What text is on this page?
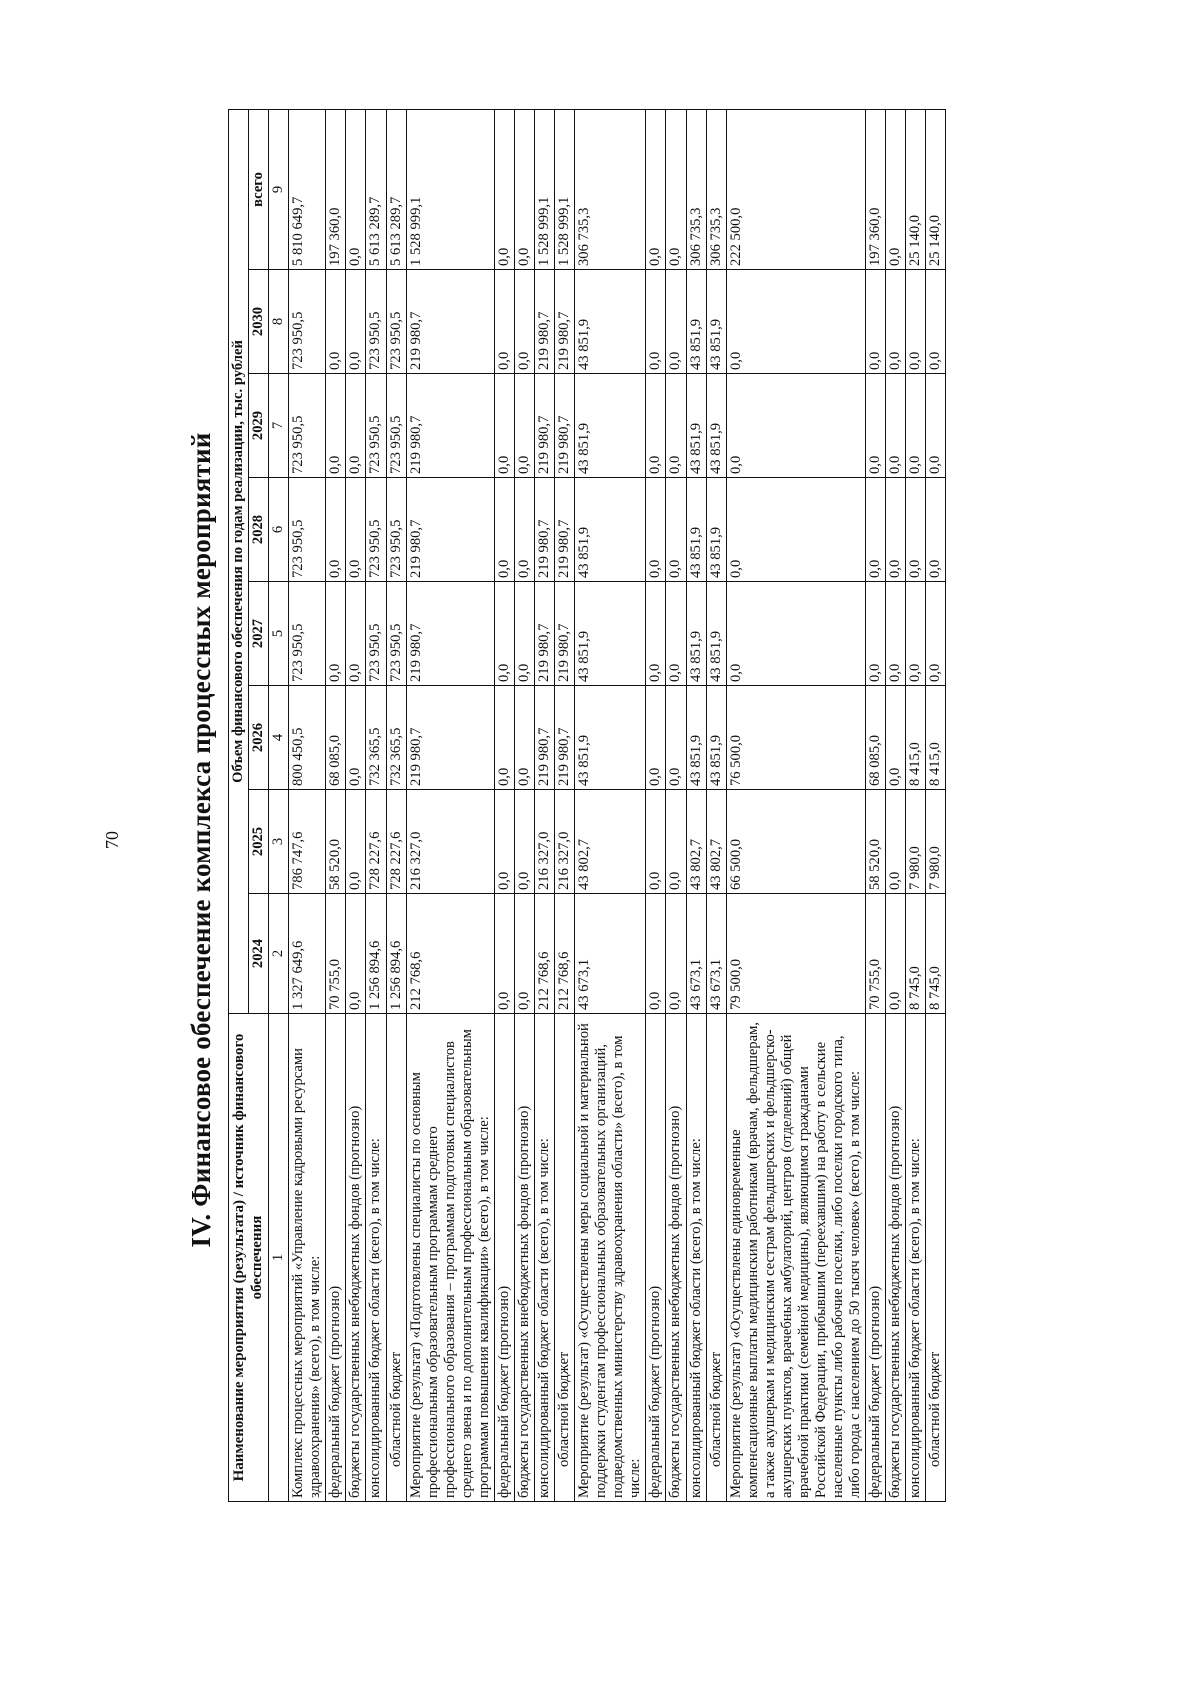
70 IV. Финансовое обеспечение комплекса процессных мероприятий
Наименование мероприятия (результата) / источник финансового обеспечения	Объем финансового обеспечения по годам реализации, тыс. рублей							
	2024	2025	2026	2027	2028	2029	2030	всего
1	2	3	4	5	6	7	8	9
Комплекс процессных мероприятий «Управление кадровыми ресурсами здравоохранения» (всего), в том числе:	1 327 649,6	786 747,6	800 450,5	723 950,5	723 950,5	723 950,5	723 950,5	5 810 649,7
федеральный бюджет (прогнозно)	70 755,0	58 520,0	68 085,0	0,0	0,0	0,0	0,0	197 360,0
бюджеты государственных внебюджетных фондов (прогнозно)	0,0	0,0	0,0	0,0	0,0	0,0	0,0	0,0
консолидированный бюджет области (всего), в том числе:	1 256 894,6	728 227,6	732 365,5	723 950,5	723 950,5	723 950,5	723 950,5	5 613 289,7
областной бюджет	1 256 894,6	728 227,6	732 365,5	723 950,5	723 950,5	723 950,5	723 950,5	5 613 289,7
Мероприятие (результат) «Подготовлены специалисты по основным профессиональным образовательным программам среднего профессионального образования – программам подготовки специалистов среднего звена и по дополнительным профессиональным образовательным программам повышения квалификации» (всего), в том числе:	212 768,6	216 327,0	219 980,7	219 980,7	219 980,7	219 980,7	219 980,7	1 528 999,1
федеральный бюджет (прогнозно)	0,0	0,0	0,0	0,0	0,0	0,0	0,0	0,0
бюджеты государственных внебюджетных фондов (прогнозно)	0,0	0,0	0,0	0,0	0,0	0,0	0,0	0,0
консолидированный бюджет области (всего), в том числе:	212 768,6	216 327,0	219 980,7	219 980,7	219 980,7	219 980,7	219 980,7	1 528 999,1
областной бюджет	212 768,6	216 327,0	219 980,7	219 980,7	219 980,7	219 980,7	219 980,7	1 528 999,1
Мероприятие (результат) «Осуществлены меры социальной и материальной поддержки студентам профессиональных образовательных организаций, подведомственных министерству здравоохранения области» (всего), в том числе:	43 673,1	43 802,7	43 851,9	43 851,9	43 851,9	43 851,9	43 851,9	306 735,3
федеральный бюджет (прогнозно)	0,0	0,0	0,0	0,0	0,0	0,0	0,0	0,0
бюджеты государственных внебюджетных фондов (прогнозно)	0,0	0,0	0,0	0,0	0,0	0,0	0,0	0,0
консолидированный бюджет области (всего), в том числе:	43 673,1	43 802,7	43 851,9	43 851,9	43 851,9	43 851,9	43 851,9	306 735,3
областной бюджет	43 673,1	43 802,7	43 851,9	43 851,9	43 851,9	43 851,9	43 851,9	306 735,3
Мероприятие (результат) «Осуществлены единовременные компенсационные выплаты медицинским работникам (врачам, фельдшерам, а также акушеркам и медицинским сестрам фельдшерских и фельдшерско-акушерских пунктов, врачебных амбулаторий, центров (отделений) общей врачебной практики (семейной медицины), являющимся гражданами Российской Федерации, прибывшим (переехавшим) на работу в сельские населенные пункты либо рабочие поселки, либо поселки городского типа, либо города с населением до 50 тысяч человек» (всего), в том числе:	79 500,0	66 500,0	76 500,0	0,0	0,0	0,0	0,0	222 500,0
федеральный бюджет (прогнозно)	70 755,0	58 520,0	68 085,0	0,0	0,0	0,0	0,0	197 360,0
бюджеты государственных внебюджетных фондов (прогнозно)	0,0	0,0	0,0	0,0	0,0	0,0	0,0	0,0
консолидированный бюджет области (всего), в том числе:	8 745,0	7 980,0	8 415,0	0,0	0,0	0,0	0,0	25 140,0
областной бюджет	8 745,0	7 980,0	8 415,0	0,0	0,0	0,0	0,0	25 140,0
